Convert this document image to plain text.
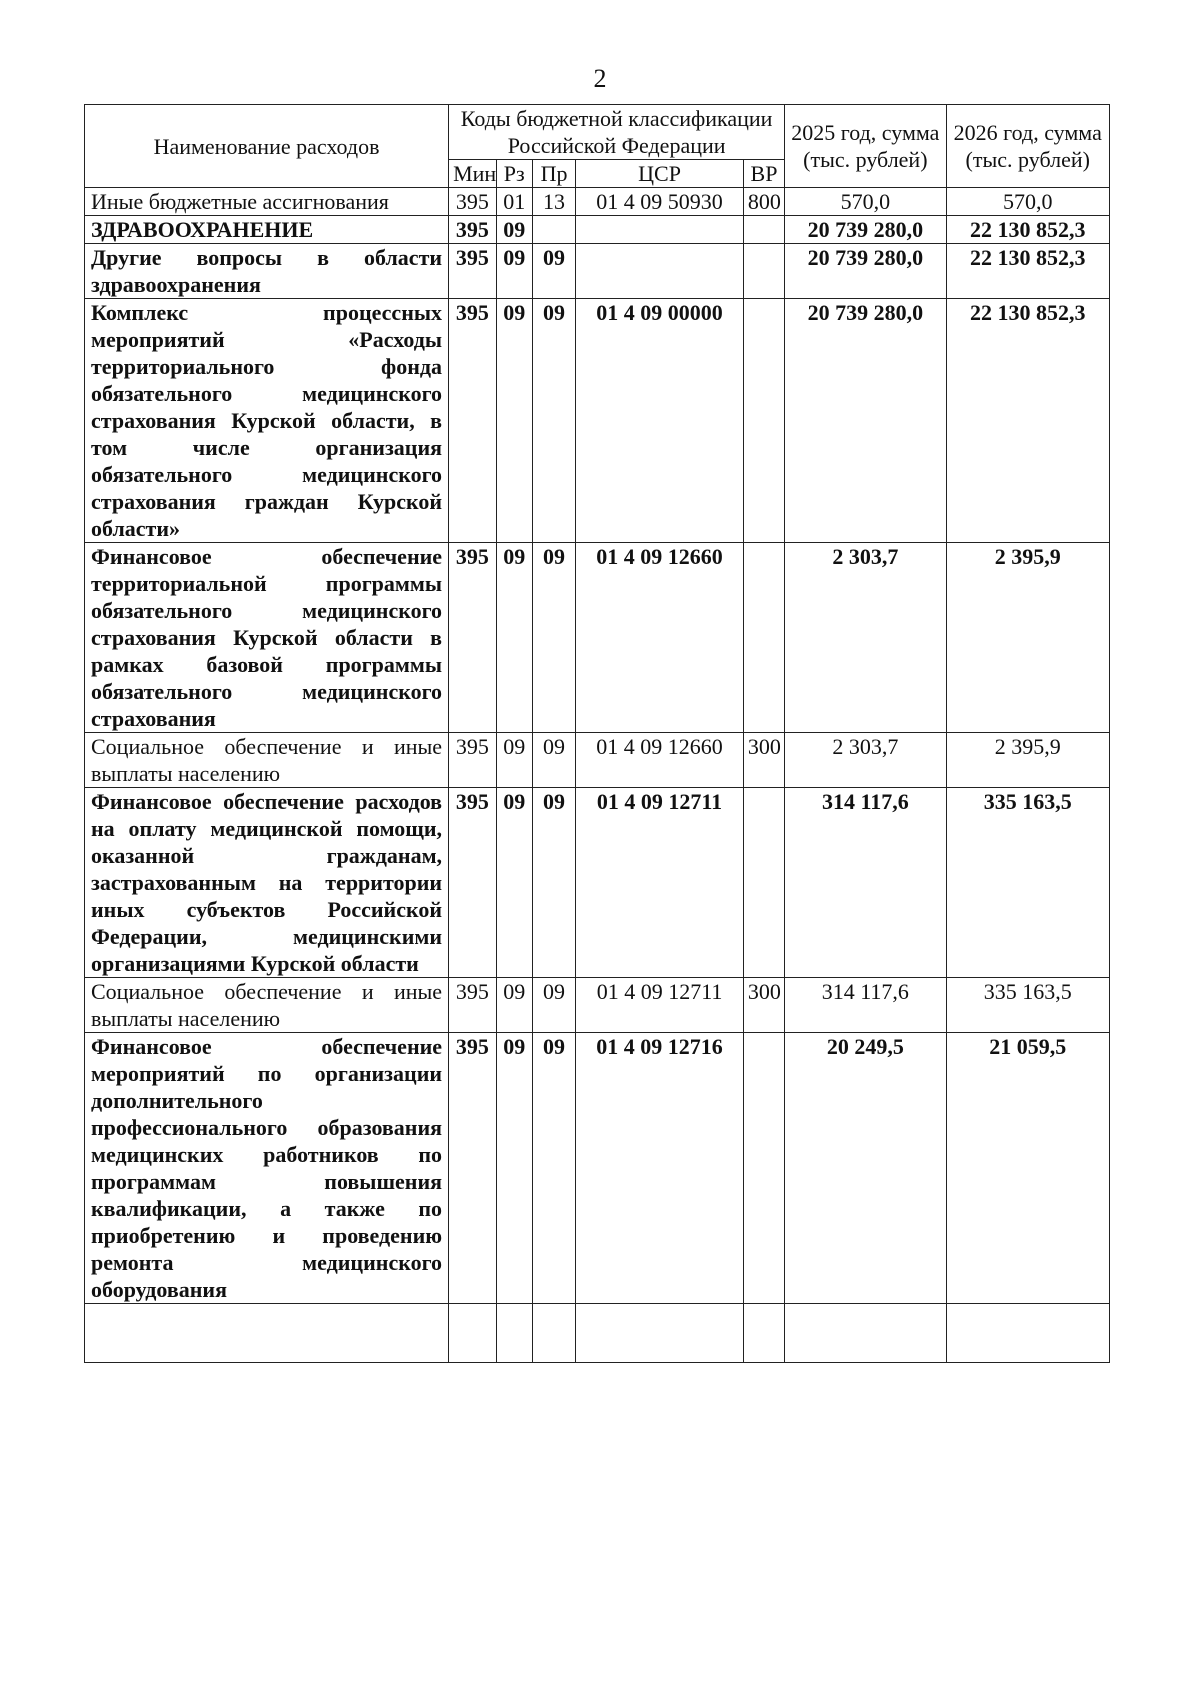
2
Наименование расходов	Коды бюджетной классификации Российской Федерации					2025 год, сумма (тыс. рублей)	2026 год, сумма (тыс. рублей)
	Мин	Рз	Пр	ЦСР	ВР		
Иные бюджетные ассигнования	395	01	13	01 4 09 50930	800	570,0	570,0
ЗДРАВООХРАНЕНИЕ	395	09				20 739 280,0	22 130 852,3
Другие вопросы в области здравоохранения	395	09	09			20 739 280,0	22 130 852,3
Комплекс процессных мероприятий «Расходы территориального фонда обязательного медицинского страхования Курской области, в том числе организация обязательного медицинского страхования граждан Курской области»	395	09	09	01 4 09 00000		20 739 280,0	22 130 852,3
Финансовое обеспечение территориальной программы обязательного медицинского страхования Курской области в рамках базовой программы обязательного медицинского страхования	395	09	09	01 4 09 12660		2 303,7	2 395,9
Социальное обеспечение и иные выплаты населению	395	09	09	01 4 09 12660	300	2 303,7	2 395,9
Финансовое обеспечение расходов на оплату медицинской помощи, оказанной гражданам, застрахованным на территории иных субъектов Российской Федерации, медицинскими организациями Курской области	395	09	09	01 4 09 12711		314 117,6	335 163,5
Социальное обеспечение и иные выплаты населению	395	09	09	01 4 09 12711	300	314 117,6	335 163,5
Финансовое обеспечение мероприятий по организации дополнительного профессионального образования медицинских работников по программам повышения квалификации, а также по приобретению и проведению ремонта медицинского оборудования	395	09	09	01 4 09 12716		20 249,5	21 059,5
